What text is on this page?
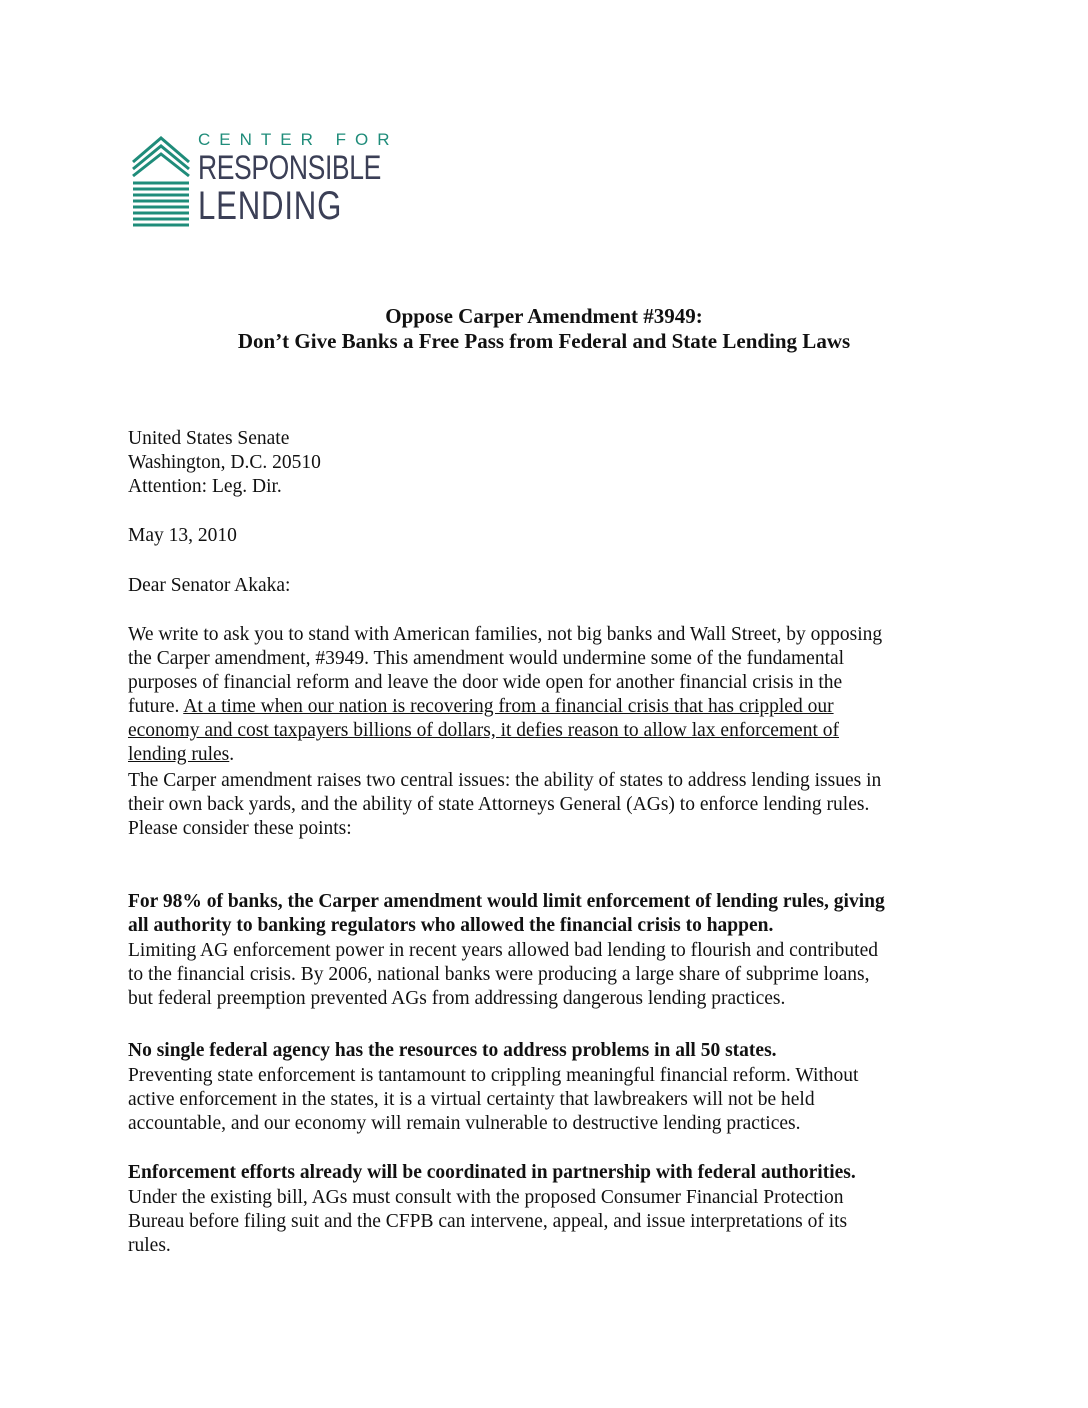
CENTER FOR
RESPONSIBLE
LENDING
Oppose Carper Amendment #3949:
Don’t Give Banks a Free Pass from Federal and State Lending Laws
United States Senate
Washington, D.C. 20510
Attention: Leg. Dir.
May 13, 2010
Dear Senator Akaka:
We write to ask you to stand with American families, not big banks and Wall Street, by opposing
the Carper amendment, #3949. This amendment would undermine some of the fundamental
purposes of financial reform and leave the door wide open for another financial crisis in the
future. At a time when our nation is recovering from a financial crisis that has crippled our
economy and cost taxpayers billions of dollars, it defies reason to allow lax enforcement of
lending rules.
The Carper amendment raises two central issues: the ability of states to address lending issues in
their own back yards, and the ability of state Attorneys General (AGs) to enforce lending rules.
Please consider these points:
For 98% of banks, the Carper amendment would limit enforcement of lending rules, giving
all authority to banking regulators who allowed the financial crisis to happen.
Limiting AG enforcement power in recent years allowed bad lending to flourish and contributed
to the financial crisis. By 2006, national banks were producing a large share of subprime loans,
but federal preemption prevented AGs from addressing dangerous lending practices.
No single federal agency has the resources to address problems in all 50 states.
Preventing state enforcement is tantamount to crippling meaningful financial reform. Without
active enforcement in the states, it is a virtual certainty that lawbreakers will not be held
accountable, and our economy will remain vulnerable to destructive lending practices.
Enforcement efforts already will be coordinated in partnership with federal authorities.
Under the existing bill, AGs must consult with the proposed Consumer Financial Protection
Bureau before filing suit and the CFPB can intervene, appeal, and issue interpretations of its
rules.
